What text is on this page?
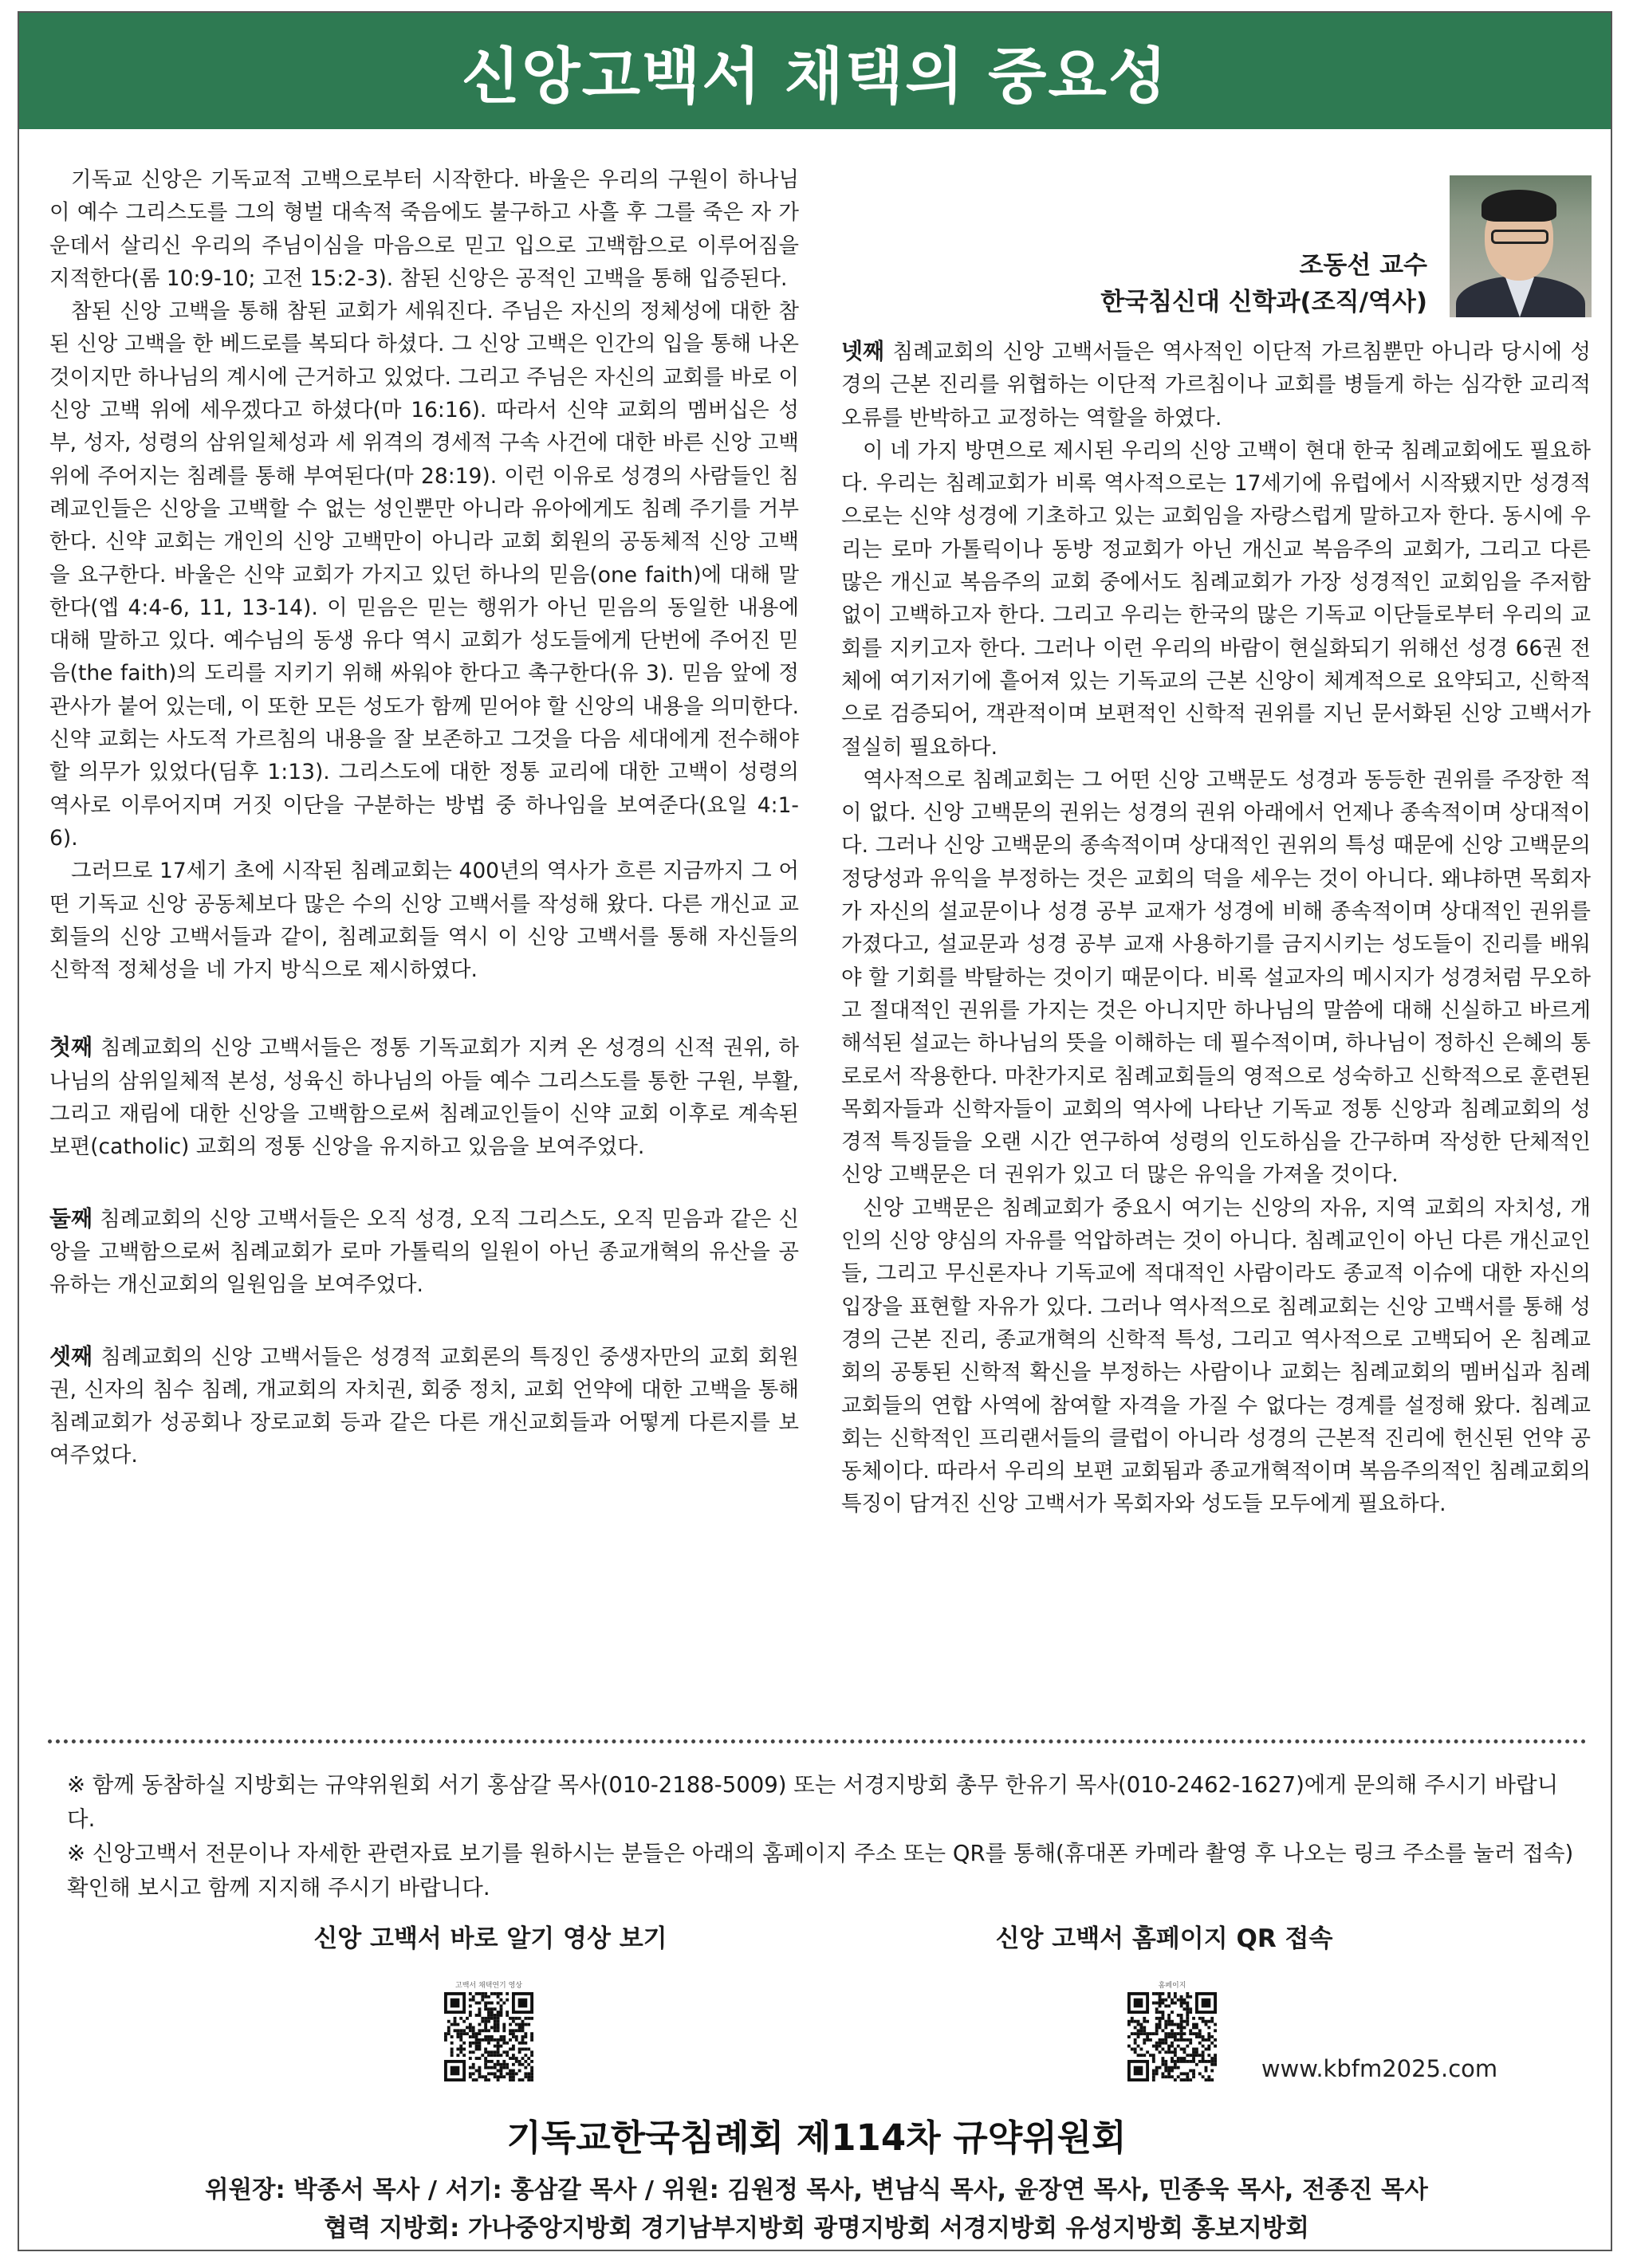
신앙고백서 채택의 중요성

기독교 신앙은 기독교적 고백으로부터 시작한다. 바울은 우리의 구원이 하나님이 예수 그리스도를 그의 형벌 대속적 죽음에도 불구하고 사흘 후 그를 죽은 자 가운데서 살리신 우리의 주님이심을 마음으로 믿고 입으로 고백함으로 이루어짐을 지적한다(롬 10:9-10; 고전 15:2-3). 참된 신앙은 공적인 고백을 통해 입증된다.

참된 신앙 고백을 통해 참된 교회가 세워진다. 주님은 자신의 정체성에 대한 참된 신앙 고백을 한 베드로를 복되다 하셨다. 그 신앙 고백은 인간의 입을 통해 나온 것이지만 하나님의 계시에 근거하고 있었다. 그리고 주님은 자신의 교회를 바로 이 신앙 고백 위에 세우겠다고 하셨다(마 16:16). 따라서 신약 교회의 멤버십은 성부, 성자, 성령의 삼위일체성과 세 위격의 경세적 구속 사건에 대한 바른 신앙 고백 위에 주어지는 침례를 통해 부여된다(마 28:19). 이런 이유로 성경의 사람들인 침례교인들은 신앙을 고백할 수 없는 성인뿐만 아니라 유아에게도 침례 주기를 거부한다. 신약 교회는 개인의 신앙 고백만이 아니라 교회 회원의 공동체적 신앙 고백을 요구한다. 바울은 신약 교회가 가지고 있던 하나의 믿음(one faith)에 대해 말한다(엡 4:4-6, 11, 13-14). 이 믿음은 믿는 행위가 아닌 믿음의 동일한 내용에 대해 말하고 있다. 예수님의 동생 유다 역시 교회가 성도들에게 단번에 주어진 믿음(the faith)의 도리를 지키기 위해 싸워야 한다고 촉구한다(유 3). 믿음 앞에 정관사가 붙어 있는데, 이 또한 모든 성도가 함께 믿어야 할 신앙의 내용을 의미한다. 신약 교회는 사도적 가르침의 내용을 잘 보존하고 그것을 다음 세대에게 전수해야 할 의무가 있었다(딤후 1:13). 그리스도에 대한 정통 교리에 대한 고백이 성령의 역사로 이루어지며 거짓 이단을 구분하는 방법 중 하나임을 보여준다(요일 4:1-6).

그러므로 17세기 초에 시작된 침례교회는 400년의 역사가 흐른 지금까지 그 어떤 기독교 신앙 공동체보다 많은 수의 신앙 고백서를 작성해 왔다. 다른 개신교 교회들의 신앙 고백서들과 같이, 침례교회들 역시 이 신앙 고백서를 통해 자신들의 신학적 정체성을 네 가지 방식으로 제시하였다.

첫째 침례교회의 신앙 고백서들은 정통 기독교회가 지켜 온 성경의 신적 권위, 하나님의 삼위일체적 본성, 성육신 하나님의 아들 예수 그리스도를 통한 구원, 부활, 그리고 재림에 대한 신앙을 고백함으로써 침례교인들이 신약 교회 이후로 계속된 보편(catholic) 교회의 정통 신앙을 유지하고 있음을 보여주었다.

둘째 침례교회의 신앙 고백서들은 오직 성경, 오직 그리스도, 오직 믿음과 같은 신앙을 고백함으로써 침례교회가 로마 가톨릭의 일원이 아닌 종교개혁의 유산을 공유하는 개신교회의 일원임을 보여주었다.

셋째 침례교회의 신앙 고백서들은 성경적 교회론의 특징인 중생자만의 교회 회원권, 신자의 침수 침례, 개교회의 자치권, 회중 정치, 교회 언약에 대한 고백을 통해 침례교회가 성공회나 장로교회 등과 같은 다른 개신교회들과 어떻게 다른지를 보여주었다.

조동선 교수
한국침신대 신학과(조직/역사)

넷째 침례교회의 신앙 고백서들은 역사적인 이단적 가르침뿐만 아니라 당시에 성경의 근본 진리를 위협하는 이단적 가르침이나 교회를 병들게 하는 심각한 교리적 오류를 반박하고 교정하는 역할을 하였다.

이 네 가지 방면으로 제시된 우리의 신앙 고백이 현대 한국 침례교회에도 필요하다. 우리는 침례교회가 비록 역사적으로는 17세기에 유럽에서 시작됐지만 성경적으로는 신약 성경에 기초하고 있는 교회임을 자랑스럽게 말하고자 한다. 동시에 우리는 로마 가톨릭이나 동방 정교회가 아닌 개신교 복음주의 교회가, 그리고 다른 많은 개신교 복음주의 교회 중에서도 침례교회가 가장 성경적인 교회임을 주저함 없이 고백하고자 한다. 그리고 우리는 한국의 많은 기독교 이단들로부터 우리의 교회를 지키고자 한다. 그러나 이런 우리의 바람이 현실화되기 위해선 성경 66권 전체에 여기저기에 흩어져 있는 기독교의 근본 신앙이 체계적으로 요약되고, 신학적으로 검증되어, 객관적이며 보편적인 신학적 권위를 지닌 문서화된 신앙 고백서가 절실히 필요하다.

역사적으로 침례교회는 그 어떤 신앙 고백문도 성경과 동등한 권위를 주장한 적이 없다. 신앙 고백문의 권위는 성경의 권위 아래에서 언제나 종속적이며 상대적이다. 그러나 신앙 고백문의 종속적이며 상대적인 권위의 특성 때문에 신앙 고백문의 정당성과 유익을 부정하는 것은 교회의 덕을 세우는 것이 아니다. 왜냐하면 목회자가 자신의 설교문이나 성경 공부 교재가 성경에 비해 종속적이며 상대적인 권위를 가졌다고, 설교문과 성경 공부 교재 사용하기를 금지시키는 성도들이 진리를 배워야 할 기회를 박탈하는 것이기 때문이다. 비록 설교자의 메시지가 성경처럼 무오하고 절대적인 권위를 가지는 것은 아니지만 하나님의 말씀에 대해 신실하고 바르게 해석된 설교는 하나님의 뜻을 이해하는 데 필수적이며, 하나님이 정하신 은혜의 통로로서 작용한다. 마찬가지로 침례교회들의 영적으로 성숙하고 신학적으로 훈련된 목회자들과 신학자들이 교회의 역사에 나타난 기독교 정통 신앙과 침례교회의 성경적 특징들을 오랜 시간 연구하여 성령의 인도하심을 간구하며 작성한 단체적인 신앙 고백문은 더 권위가 있고 더 많은 유익을 가져올 것이다.

신앙 고백문은 침례교회가 중요시 여기는 신앙의 자유, 지역 교회의 자치성, 개인의 신앙 양심의 자유를 억압하려는 것이 아니다. 침례교인이 아닌 다른 개신교인들, 그리고 무신론자나 기독교에 적대적인 사람이라도 종교적 이슈에 대한 자신의 입장을 표현할 자유가 있다. 그러나 역사적으로 침례교회는 신앙 고백서를 통해 성경의 근본 진리, 종교개혁의 신학적 특성, 그리고 역사적으로 고백되어 온 침례교회의 공통된 신학적 확신을 부정하는 사람이나 교회는 침례교회의 멤버십과 침례교회들의 연합 사역에 참여할 자격을 가질 수 없다는 경계를 설정해 왔다. 침례교회는 신학적인 프리랜서들의 클럽이 아니라 성경의 근본적 진리에 헌신된 언약 공동체이다. 따라서 우리의 보편 교회됨과 종교개혁적이며 복음주의적인 침례교회의 특징이 담겨진 신앙 고백서가 목회자와 성도들 모두에게 필요하다.

※ 함께 동참하실 지방회는 규약위원회 서기 홍삼갈 목사(010-2188-5009) 또는 서경지방회 총무 한유기 목사(010-2462-1627)에게 문의해 주시기 바랍니다.

※ 신앙고백서 전문이나 자세한 관련자료 보기를 원하시는 분들은 아래의 홈페이지 주소 또는 QR를 통해(휴대폰 카메라 촬영 후 나오는 링크 주소를 눌러 접속) 확인해 보시고 함께 지지해 주시기 바랍니다.

신앙 고백서 바로 알기 영상 보기	신앙 고백서 홈페이지 QR 접속
고백서 채택연기 영상	홈페이지
www.kbfm2025.com
기독교한국침례회 제114차 규약위원회
위원장: 박종서 목사 / 서기: 홍삼갈 목사 / 위원: 김원정 목사, 변남식 목사, 윤장연 목사, 민종욱 목사, 전종진 목사
협력 지방회: 가나중앙지방회 경기남부지방회 광명지방회 서경지방회 유성지방회 홍보지방회
